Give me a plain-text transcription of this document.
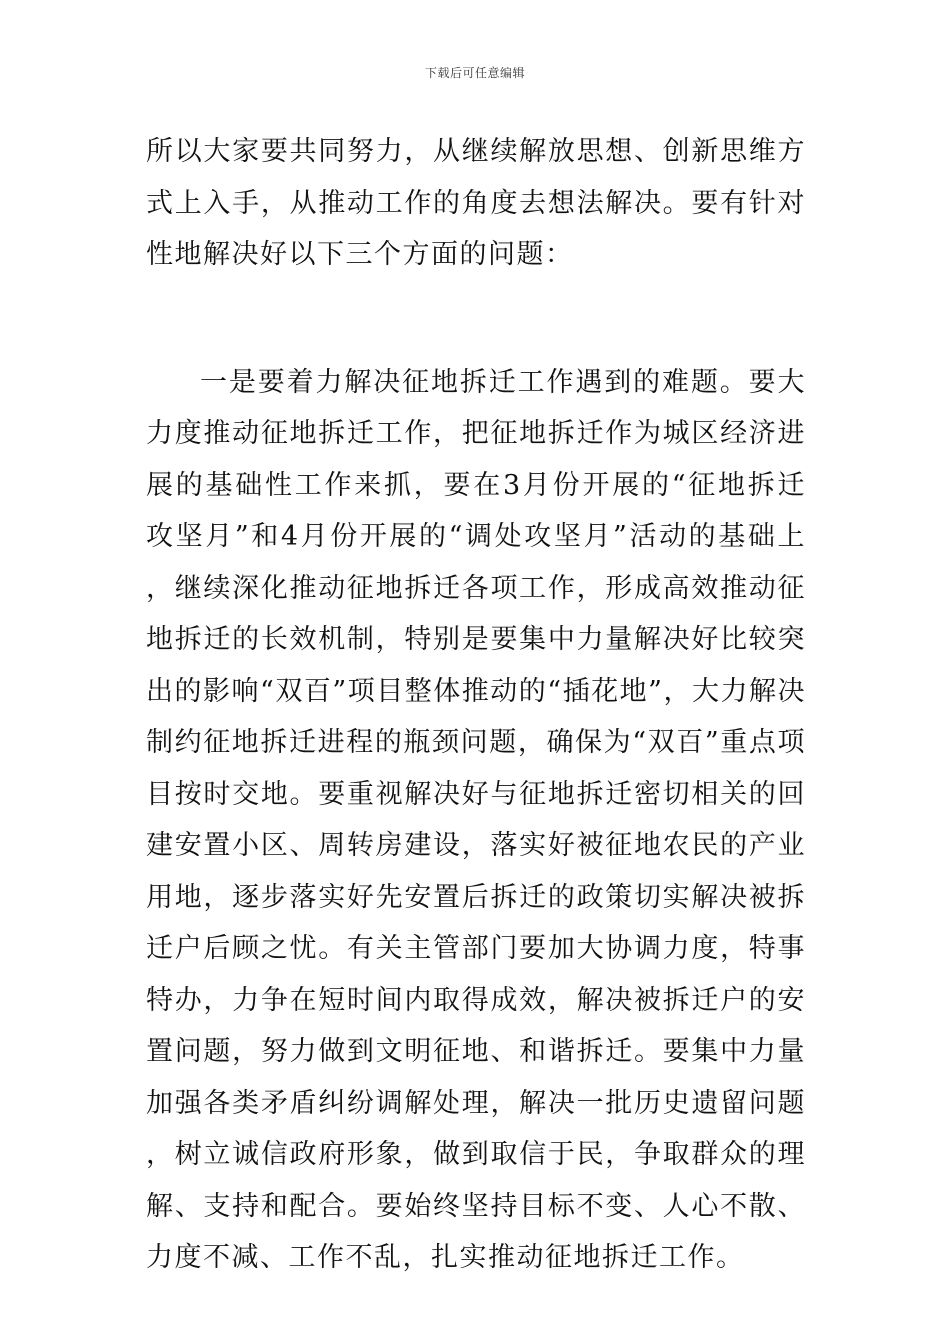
下载后可任意编辑

所以大家要共同努力，从继续解放思想、创新思维方式上入手，从推动工作的角度去想法解决。要有针对性地解决好以下三个方面的问题：

一是要着力解决征地拆迁工作遇到的难题。要大力度推动征地拆迁工作，把征地拆迁作为城区经济进展的基础性工作来抓，要在3月份开展的“征地拆迁攻坚月”和4月份开展的“调处攻坚月”活动的基础上，继续深化推动征地拆迁各项工作，形成高效推动征地拆迁的长效机制，特别是要集中力量解决好比较突出的影响“双百”项目整体推动的“插花地”，大力解决制约征地拆迁进程的瓶颈问题，确保为“双百”重点项目按时交地。要重视解决好与征地拆迁密切相关的回建安置小区、周转房建设，落实好被征地农民的产业用地，逐步落实好先安置后拆迁的政策切实解决被拆迁户后顾之忧。有关主管部门要加大协调力度，特事特办，力争在短时间内取得成效，解决被拆迁户的安置问题，努力做到文明征地、和谐拆迁。要集中力量加强各类矛盾纠纷调解处理，解决一批历史遗留问题，树立诚信政府形象，做到取信于民，争取群众的理解、支持和配合。要始终坚持目标不变、人心不散、力度不减、工作不乱，扎实推动征地拆迁工作。
